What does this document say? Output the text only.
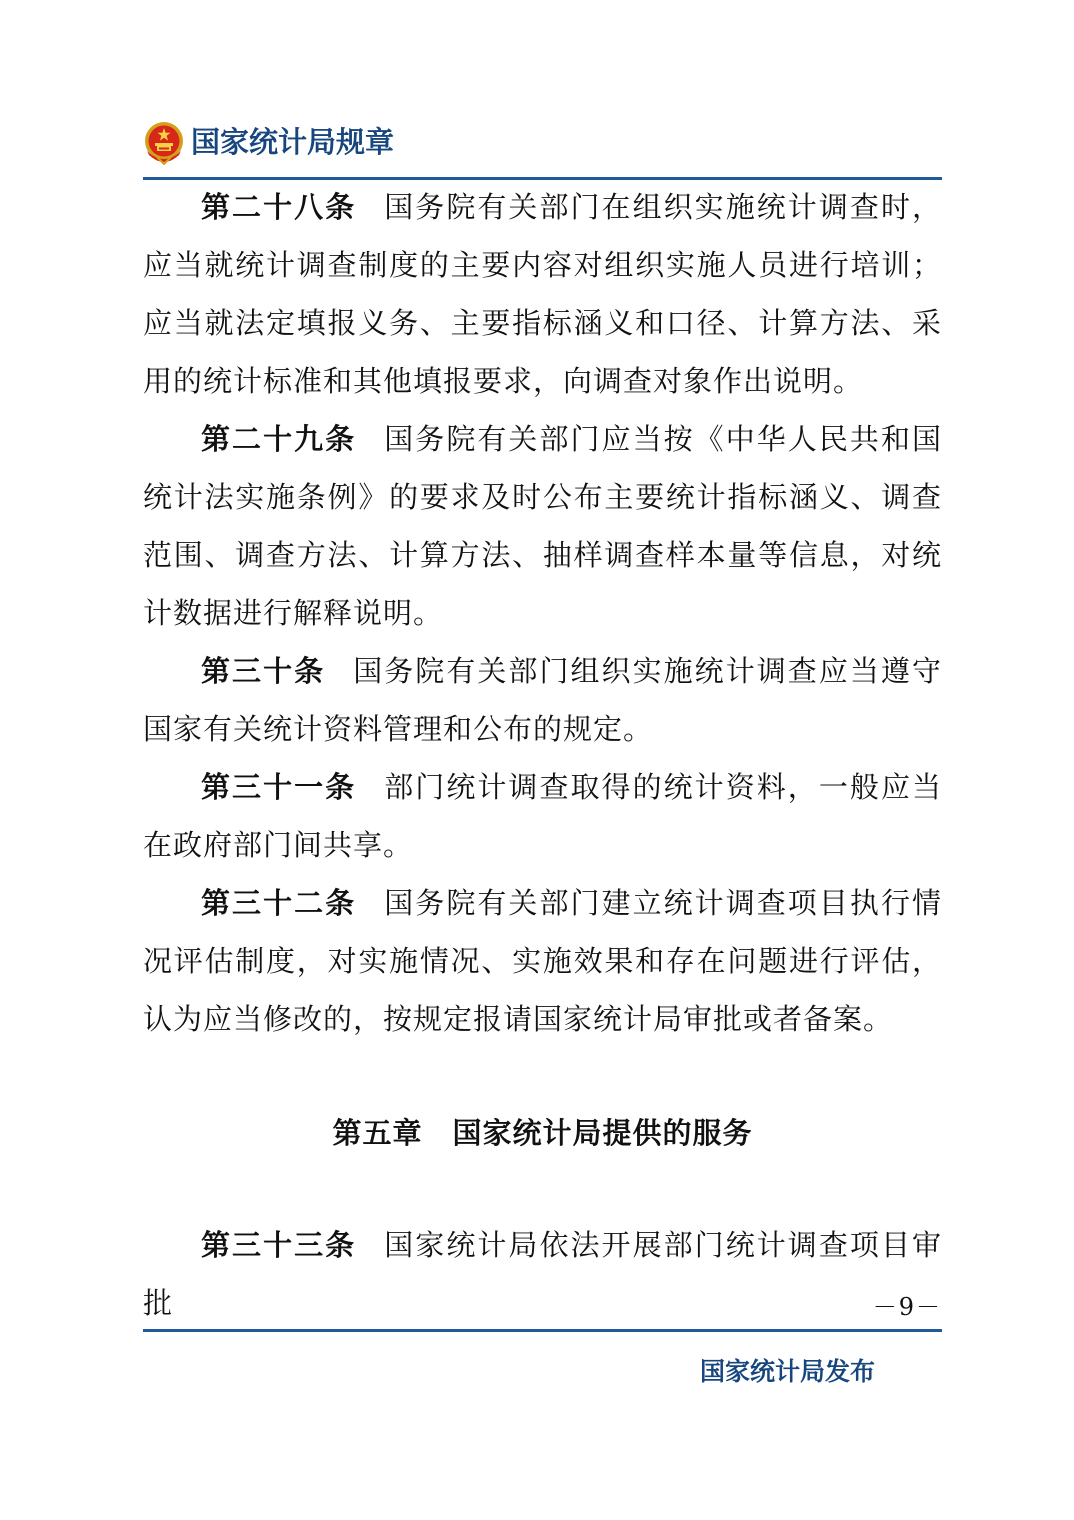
国家统计局规章

第二十八条 国务院有关部门在组织实施统计调查时，应当就统计调查制度的主要内容对组织实施人员进行培训；应当就法定填报义务、主要指标涵义和口径、计算方法、采用的统计标准和其他填报要求，向调查对象作出说明。

第二十九条 国务院有关部门应当按《中华人民共和国统计法实施条例》的要求及时公布主要统计指标涵义、调查范围、调查方法、计算方法、抽样调查样本量等信息，对统计数据进行解释说明。

第三十条 国务院有关部门组织实施统计调查应当遵守国家有关统计资料管理和公布的规定。

第三十一条 部门统计调查取得的统计资料，一般应当在政府部门间共享。

第三十二条 国务院有关部门建立统计调查项目执行情况评估制度，对实施情况、实施效果和存在问题进行评估，认为应当修改的，按规定报请国家统计局审批或者备案。

第五章 国家统计局提供的服务

第三十三条 国家统计局依法开展部门统计调查项目审批	－9－
国家统计局发布
